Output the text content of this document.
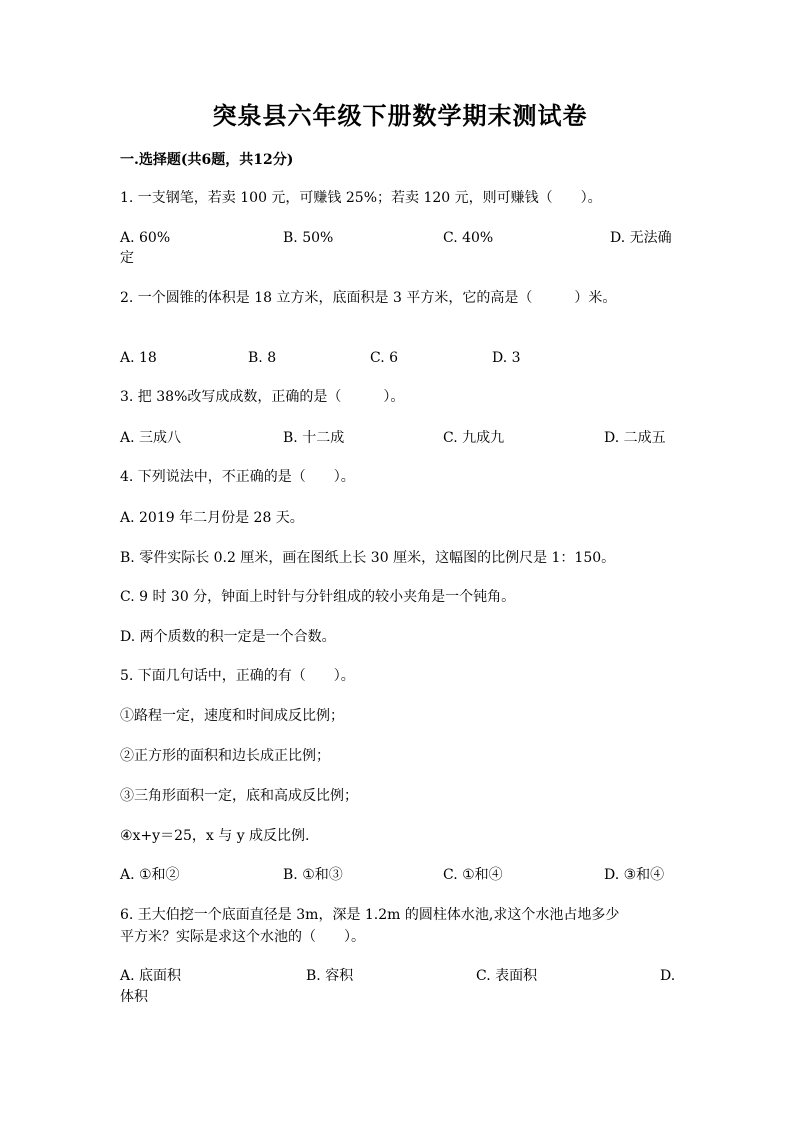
突泉县六年级下册数学期末测试卷
一.选择题(共6题，共12分)
1. 一支钢笔，若卖 100 元，可赚钱 25%；若卖 120 元，则可赚钱（　　）。
A. 60%	B. 50%	C. 40%	D. 无法确
定
2. 一个圆锥的体积是 18 立方米，底面积是 3 平方米，它的高是（　　　）米。
A. 18	B. 8	C. 6	D. 3
3. 把 38%改写成成数，正确的是（　　　）。
A. 三成八	B. 十二成	C. 九成九	D. 二成五
4. 下列说法中，不正确的是（　　）。
A. 2019 年二月份是 28 天。
B. 零件实际长 0.2 厘米，画在图纸上长 30 厘米，这幅图的比例尺是 1：150。
C. 9 时 30 分，钟面上时针与分针组成的较小夹角是一个钝角。
D. 两个质数的积一定是一个合数。
5. 下面几句话中，正确的有（　　）。
①路程一定，速度和时间成反比例；
②正方形的面积和边长成正比例；
③三角形面积一定，底和高成反比例；
④x+y＝25，x 与 y 成反比例.
A. ①和②	B. ①和③	C. ①和④	D. ③和④
6. 王大伯挖一个底面直径是 3m，深是 1.2m 的圆柱体水池,求这个水池占地多少
平方米？实际是求这个水池的（　　）。
A. 底面积	B. 容积	C. 表面积	D.
体积
